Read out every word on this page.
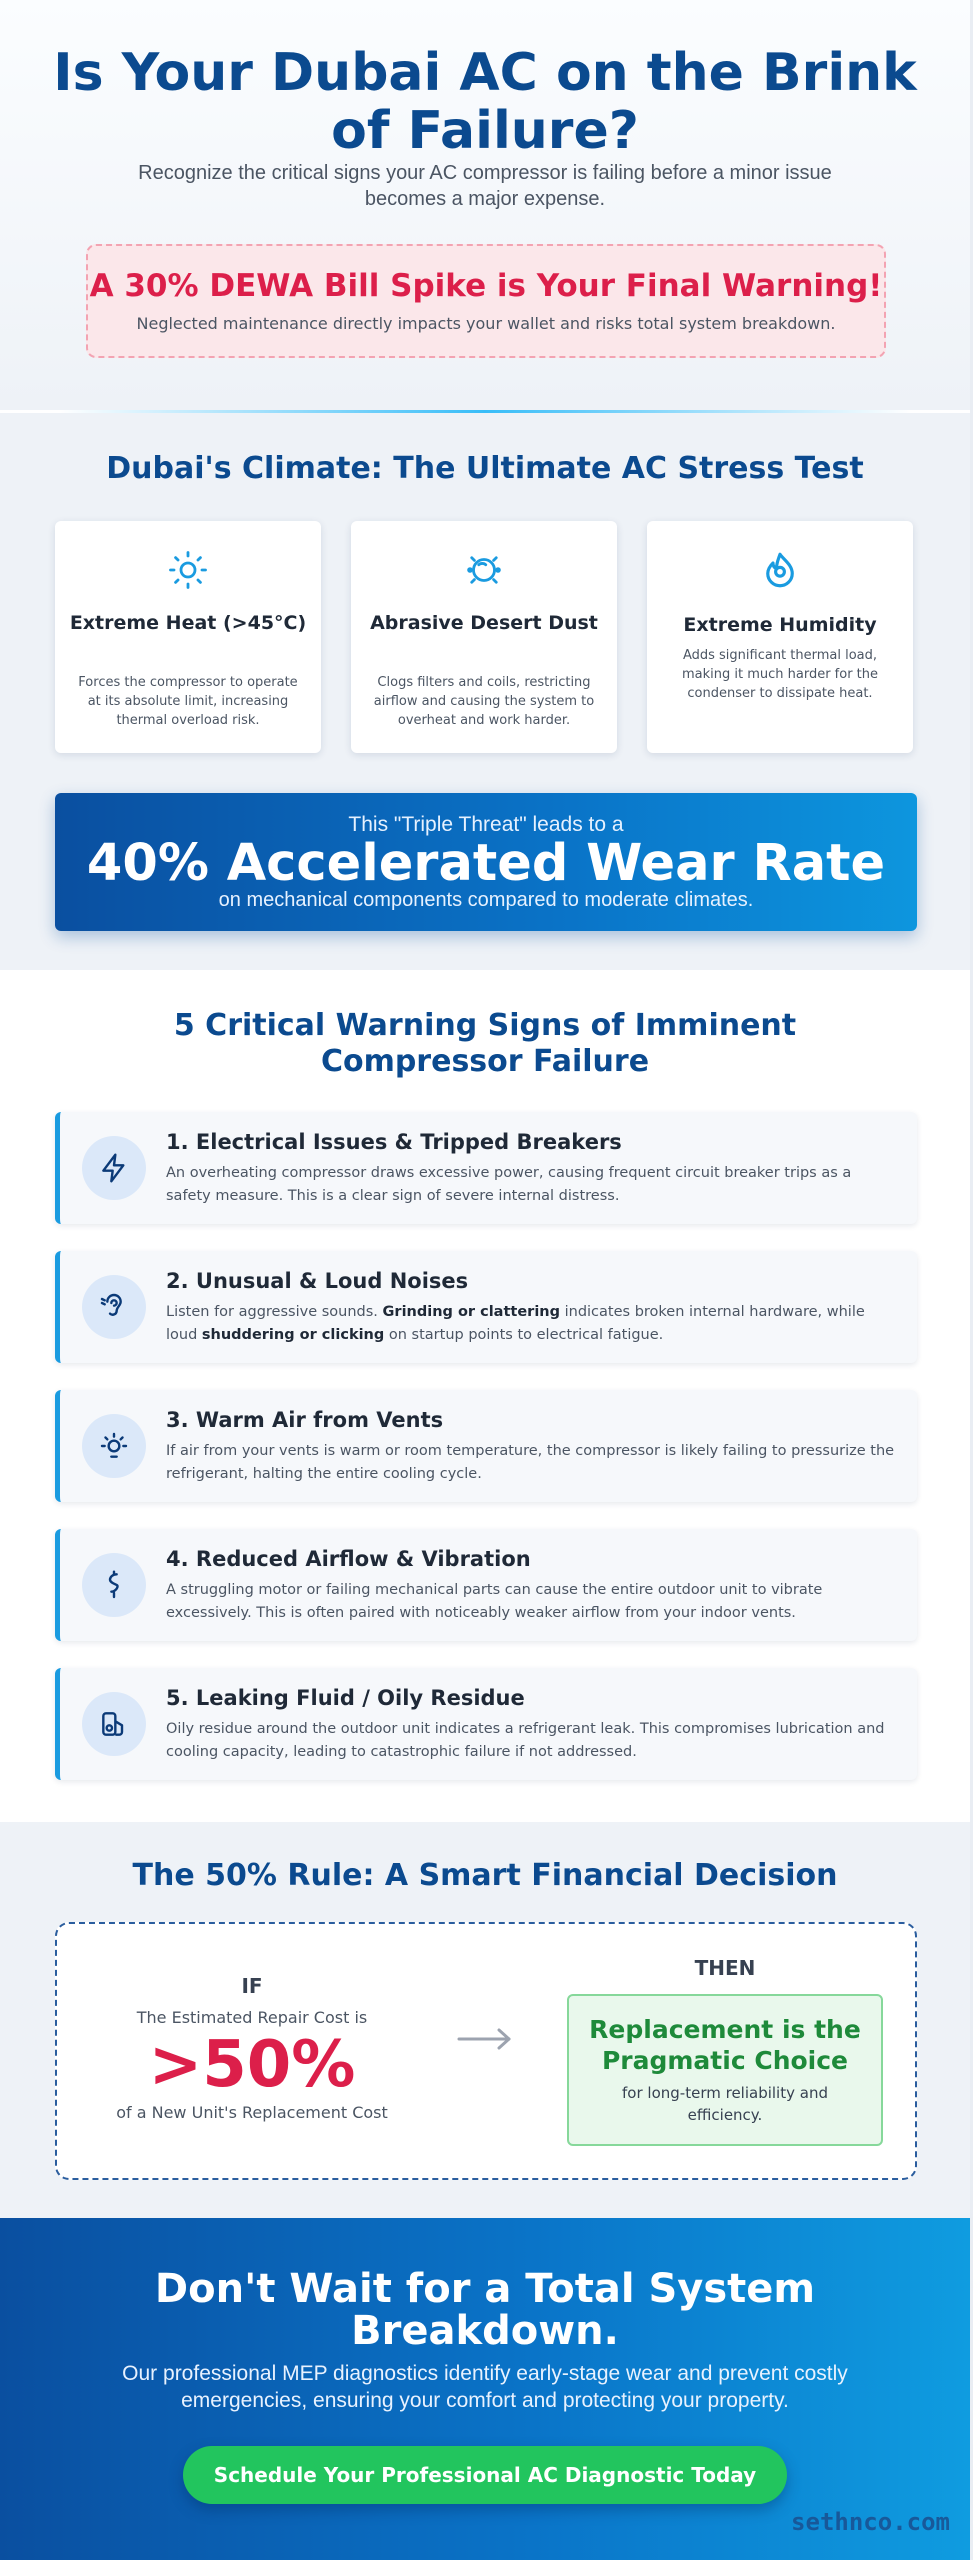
Is Your Dubai AC on the Brink of Failure?

Recognize the critical signs your AC compressor is failing before a minor issue becomes a major expense.

A 30% DEWA Bill Spike is Your Final Warning!
Neglected maintenance directly impacts your wallet and risks total system breakdown.
Dubai's Climate: The Ultimate AC Stress Test
Extreme Heat (>45°C)

Forces the compressor to operate at its absolute limit, increasing thermal overload risk.

Abrasive Desert Dust

Clogs filters and coils, restricting airflow and causing the system to overheat and work harder.

Extreme Humidity

Adds significant thermal load, making it much harder for the condenser to dissipate heat.

This "Triple Threat" leads to a
40% Accelerated Wear Rate
on mechanical components compared to moderate climates.
5 Critical Warning Signs of Imminent Compressor Failure
1. Electrical Issues & Tripped Breakers

An overheating compressor draws excessive power, causing frequent circuit breaker trips as a safety measure. This is a clear sign of severe internal distress.

2. Unusual & Loud Noises

Listen for aggressive sounds. Grinding or clattering indicates broken internal hardware, while loud shuddering or clicking on startup points to electrical fatigue.

3. Warm Air from Vents

If air from your vents is warm or room temperature, the compressor is likely failing to pressurize the refrigerant, halting the entire cooling cycle.

4. Reduced Airflow & Vibration

A struggling motor or failing mechanical parts can cause the entire outdoor unit to vibrate excessively. This is often paired with noticeably weaker airflow from your indoor vents.

5. Leaking Fluid / Oily Residue

Oily residue around the outdoor unit indicates a refrigerant leak. This compromises lubrication and cooling capacity, leading to catastrophic failure if not addressed.

The 50% Rule: A Smart Financial Decision
IF
The Estimated Repair Cost is
>50%
of a New Unit's Replacement Cost
THEN
Replacement is the Pragmatic Choice
for long-term reliability and efficiency.
Don't Wait for a Total System Breakdown.

Our professional MEP diagnostics identify early-stage wear and prevent costly emergencies, ensuring your comfort and protecting your property.

Schedule Your Professional AC Diagnostic Today
sethnco.com
